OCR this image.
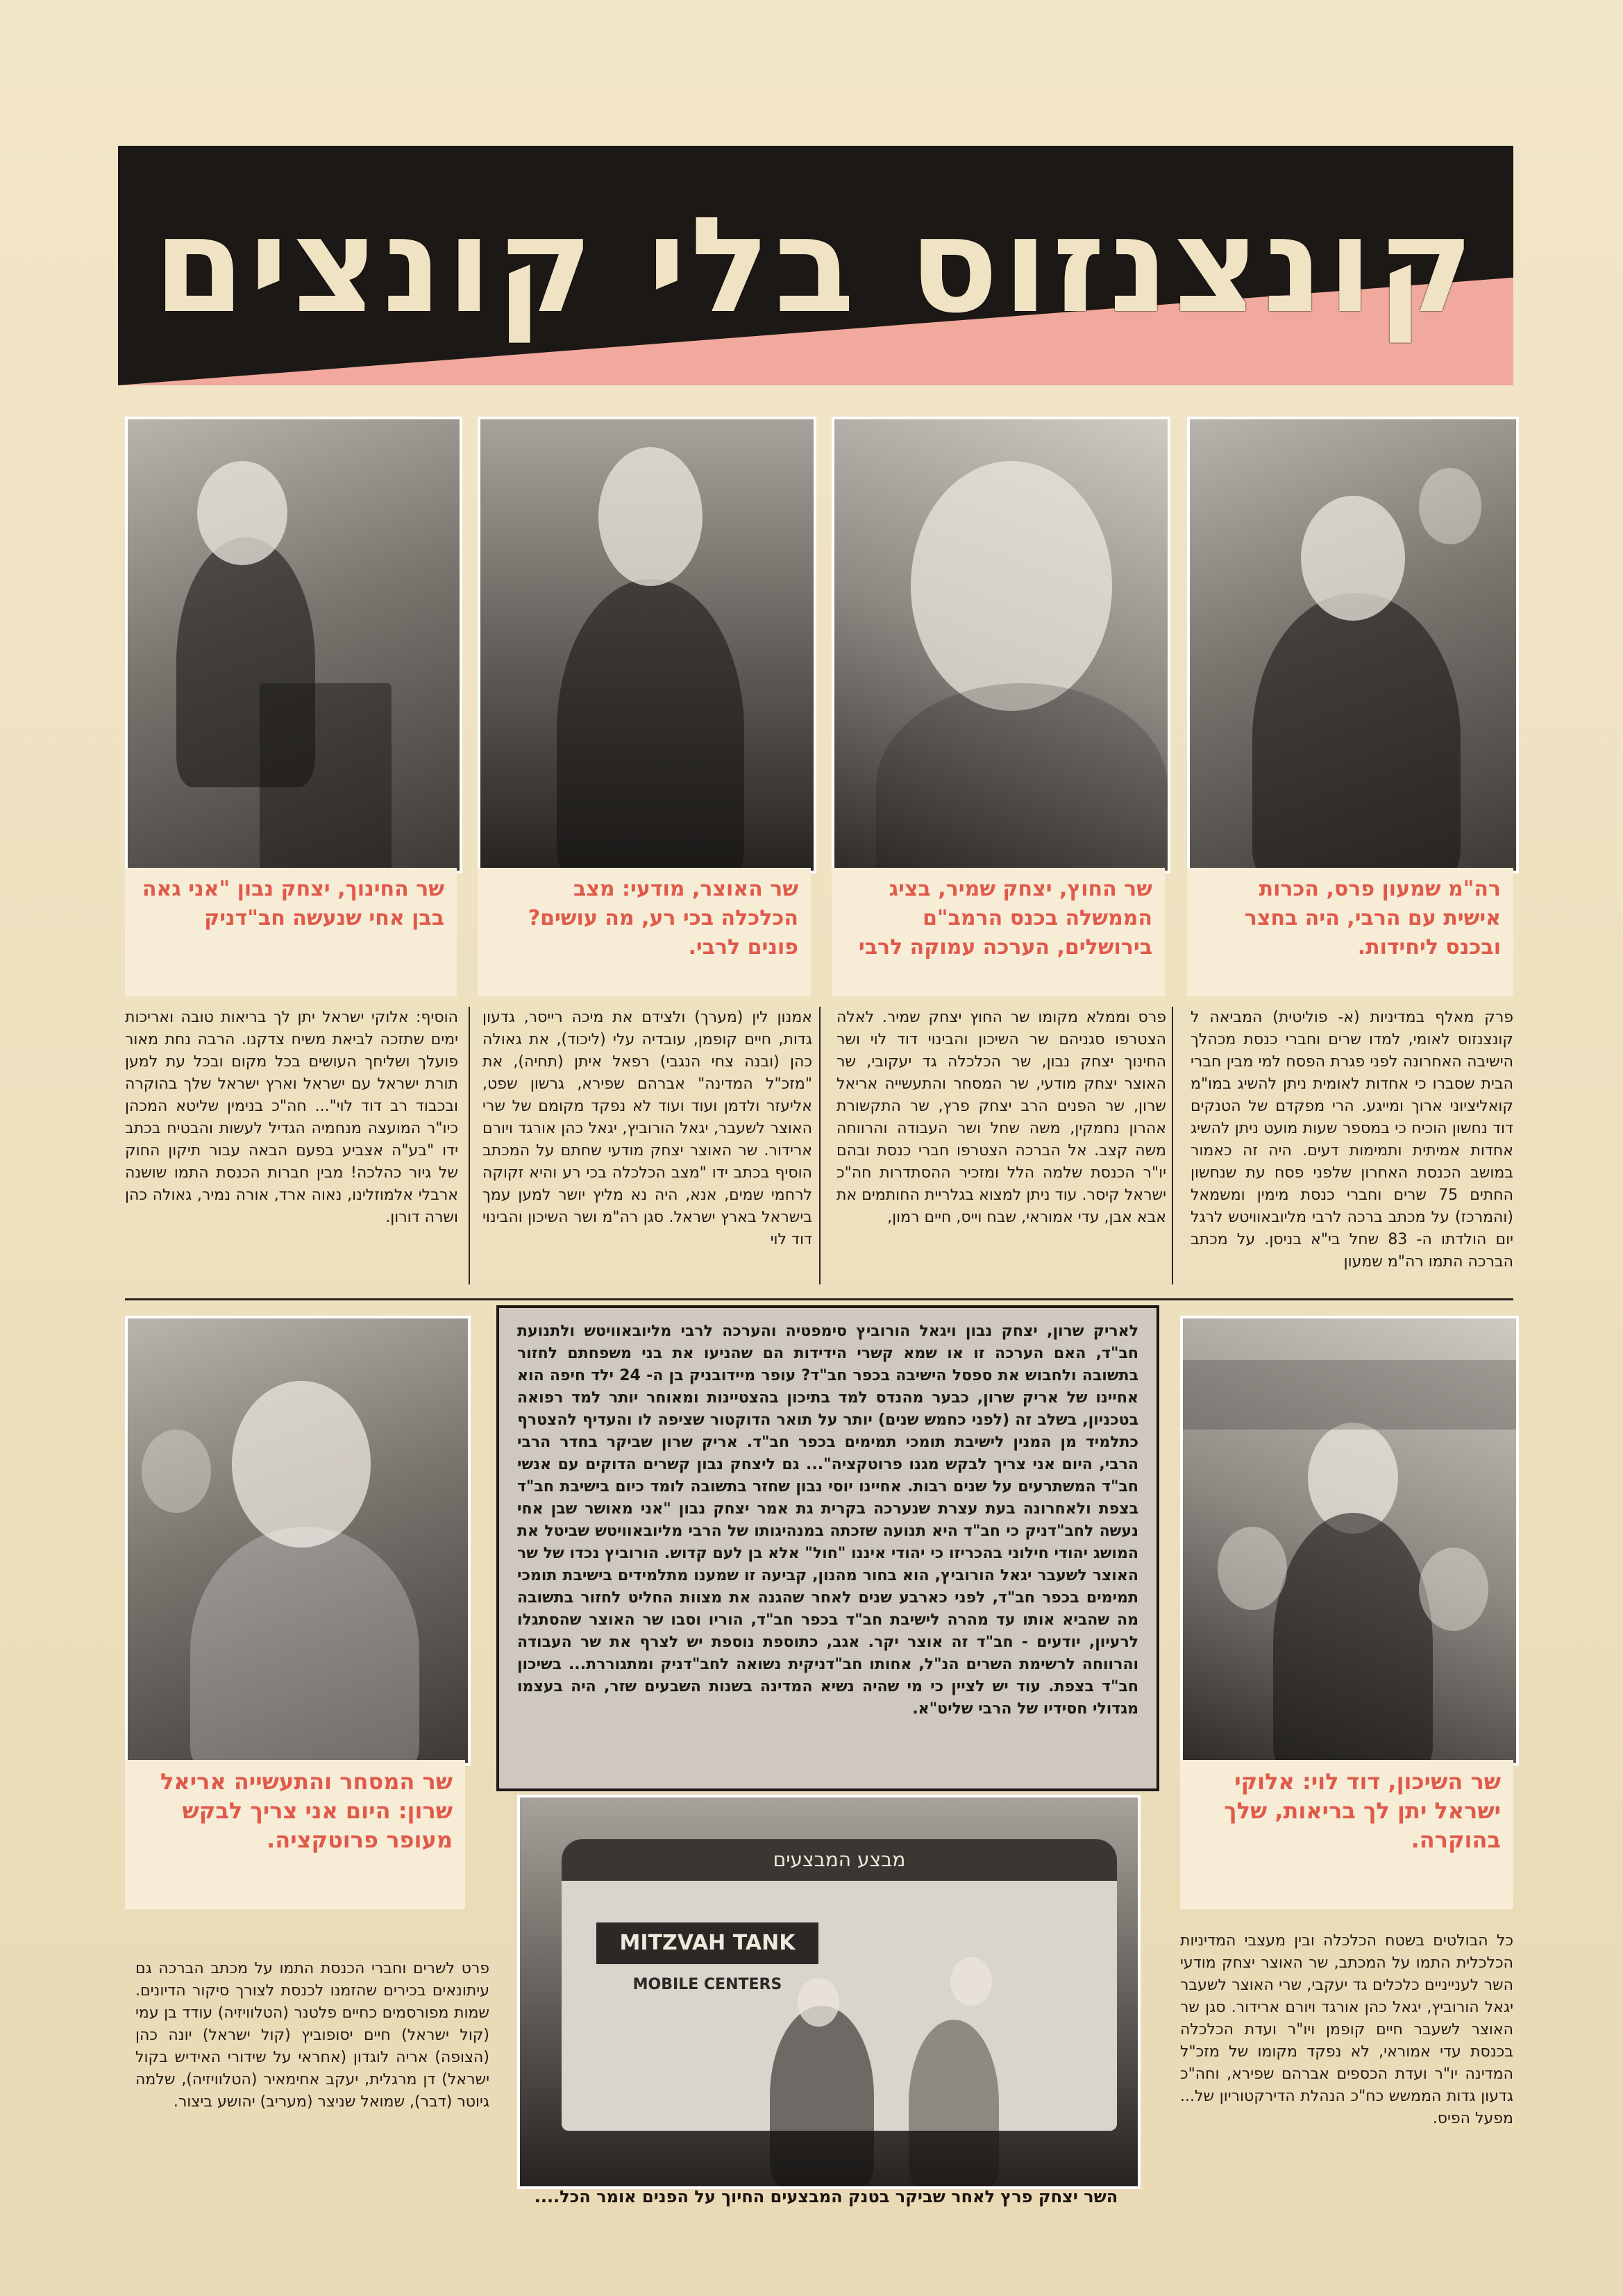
קונצנזוס בלי קונצים
רה"מ שמעון פרס, הכרות אישית עם הרבי, היה בחצר ובכנס ליחידות.
שר החוץ, יצחק שמיר, בציג הממשלה בכנס הרמב"ם בירושלים, הערכה עמוקה לרבי
שר האוצר, מודעי: מצב הכלכלה בכי רע, מה עושים? פונים לרבי.
שר החינוך, יצחק נבון "אני גאה בבן אחי שנעשה חב"דניק
פרק מאלף במדיניות (א- פוליטית) המביאה ל קונצנזוס לאומי, למדו שרים וחברי כנסת מכהלך הישיבה האחרונה לפני פגרת הפסח למי מבין חברי הבית שסברו כי אחדות לאומית ניתן להשיג במו"מ קואליציוני ארוך ומייגע. הרי מפקדם של הטנקים דוד נחשון הוכיח כי במספר שעות מועט ניתן להשיג אחדות אמיתית ותמימות דעים. היה זה כאמור במושב הכנסת האחרון שלפני פסח עת שנחשון החתים 75 שרים וחברי כנסת מימין ומשמאל (והמרכז) על מכתב ברכה לרבי מליובאוויטש לרגל יום הולדתו ה- 83 שחל בי"א בניסן. על מכתב הברכה התמו רה"מ שמעון
פרס וממלא מקומו שר החוץ יצחק שמיר. לאלה הצטרפו סגניהם שר השיכון והבינוי דוד לוי ושר החינוך יצחק נבון, שר הכלכלה גד יעקובי, שר האוצר יצחק מודעי, שר המסחר והתעשייה אריאל שרון, שר הפנים הרב יצחק פרץ, שר התקשורת אהרון נחמקין, משה שחל ושר העבודה והרווחה משה קצב. אל הברכה הצטרפו חברי כנסת ובהם יו"ר הכנסת שלמה הלל ומזכיר ההסתדרות חה"כ ישראל קיסר. עוד ניתן למצוא בגלריית החותמים את אבא אבן, עדי אמוראי, שבח וייס, חיים רמון,
אמנון לין (מערך) ולצידם את מיכה רייסר, גדעון גדות, חיים קופמן, עובדיה עלי (ליכוד), את גאולה כהן (ובנה צחי הנגבי) רפאל איתן (תחיה), את "מזכ"ל המדינה" אברהם שפירא, גרשון שפט, אליעזר ולדמן ועוד ועוד לא נפקד מקומם של שרי האוצר לשעבר, יגאל הורוביץ, יגאל כהן אורגד ויורם ארידור. שר האוצר יצחק מודעי שחתם על המכתב הוסיף בכתב ידו "מצב הכלכלה בכי רע והיא זקוקה לרחמי שמים, אנא, היה נא מליץ יושר למען עמך בישראל בארץ ישראל. סגן רה"מ ושר השיכון והבינוי דוד לוי
הוסיף: אלוקי ישראל יתן לך בריאות טובה ואריכות ימים שתזכה לביאת משיח צדקנו. הרבה נחת מאור פועלך ושליחך העושים בכל מקום ובכל עת למען תורת ישראל עם ישראל וארץ ישראל שלך בהוקרה ובכבוד רב דוד לוי"... חה"כ בנימין שליטא המכהן כיו"ר המועצה מנחמיה הגדיל לעשות והבטיח בכתב ידו "בע"ה אצביע בפעם הבאה עבור תיקון החוק של גיור כהלכה! מבין חברות הכנסת התמו שושנה ארבלי אלמוזלינו, נאוה ארד, אורה נמיר, גאולה כהן ושרה דורון.
שר השיכון, דוד לוי: אלוקי ישראל יתן לך בריאות, שלך בהוקרה.
לאריק שרון, יצחק נבון ויגאל הורוביץ סימפטיה והערכה לרבי מליובאוויטש ולתנועת חב"ד, האם הערכה זו או שמא קשרי הידידות הם שהניעו את בני משפחתם לחזור בתשובה ולחבוש את ספסל הישיבה בכפר חב"ד? עופר מיידובניק בן ה- 24 ילד חיפה הוא אחיינו של אריק שרון, כבער מהנדס למד בתיכון בהצטיינות ומאוחר יותר למד רפואה בטכניון, בשלב זה (לפני כחמש שנים) יותר על תואר הדוקטור שציפה לו והעדיף להצטרף כתלמיד מן המנין לישיבת תומכי תמימים בכפר חב"ד. אריק שרון שביקר בחדר הרבי הרבי, היום אני צריך לבקש מגנו פרוטקציה"... גם ליצחק נבון קשרים הדוקים עם אנשי חב"ד המשתרעים על שנים רבות. אחיינו יוסי נבון שחזר בתשובה לומד כיום בישיבת חב"ד בצפת ולאחרונה בעת עצרת שנערכה בקרית גת אמר יצחק נבון "אני מאושר שבן אחי נעשה לחב"דניק כי חב"ד היא תנועה שזכתה במנהיגותו של הרבי מליובאוויטש שביטל את המושג יהודי חילוני בהכריזו כי יהודי איננו "חול" אלא בן לעם קדוש. הורוביץ נכדו של שר האוצר לשעבר יגאל הורוביץ, הוא בחור מהנון, קביעה זו שמענו מתלמידים בישיבת תומכי תמימים בכפר חב"ד, לפני כארבע שנים לאחר שהגנה את מצוות החליט לחזור בתשובה מה שהביא אותו עד מהרה לישיבת חב"ד בכפר חב"ד, הוריו וסבו שר האוצר שהסתגלו לרעיון, יודעים - חב"ד זה אוצר יקר. אגב, כתוספת נוספת יש לצרף את שר העבודה והרווחה לרשימת השרים הנ"ל, אחותו חב"דניקית נשואה לחב"דניק ומתגוררת... בשיכון חב"ד בצפת. עוד יש לציין כי מי שהיה נשיא המדינה בשנות השבעים שזר, היה בעצמו מגדולי חסידיו של הרבי שליט"א.
שר המסחר והתעשייה אריאל שרון: היום אני צריך לבקש מעופר פרוטקציה.
מבצע המבצעים
MITZVAH TANK
MOBILE CENTERS
השר יצחק פרץ לאחר שביקר בטנק המבצעים החיוך על הפנים אומר הכל....
כל הבולטים בשטח הכלכלה ובין מעצבי המדיניות הכלכלית התמו על המכתב, שר האוצר יצחק מודעי השר לענייניים כלכלים גד יעקבי, שרי האוצר לשעבר יגאל הורוביץ, יגאל כהן אורגד ויורם ארידור. סגן שר האוצר לשעבר חיים קופמן ויו"ר ועדת הכלכלה בכנסת עדי אמוראי, לא נפקד מקומו של מזכ"ל המדינה יו"ר ועדת הכספים אברהם שפירא, וחה"כ גדעון גדות הממשש כח"כ הנהלת הדירקטוריון של... מפעל הפיס.
פרט לשרים וחברי הכנסת התמו על מכתב הברכה גם עיתונאים בכירים שהזמנו לכנסת לצורך סיקור הדיונים. שמות מפורסמים כחיים פלטנר (הטלוויזיה) עודד בן עמי (קול ישראל) חיים יסופוביץ (קול ישראל) יונה כהן (הצופה) אריה לוגדון (אחראי על שידורי האידיש בקול ישראל) דן מרגלית, יעקב אחימאיר (הטלוויזיה), שלמה גיוטר (דבר), שמואל שניצר (מעריב) יהושע ביצור.
